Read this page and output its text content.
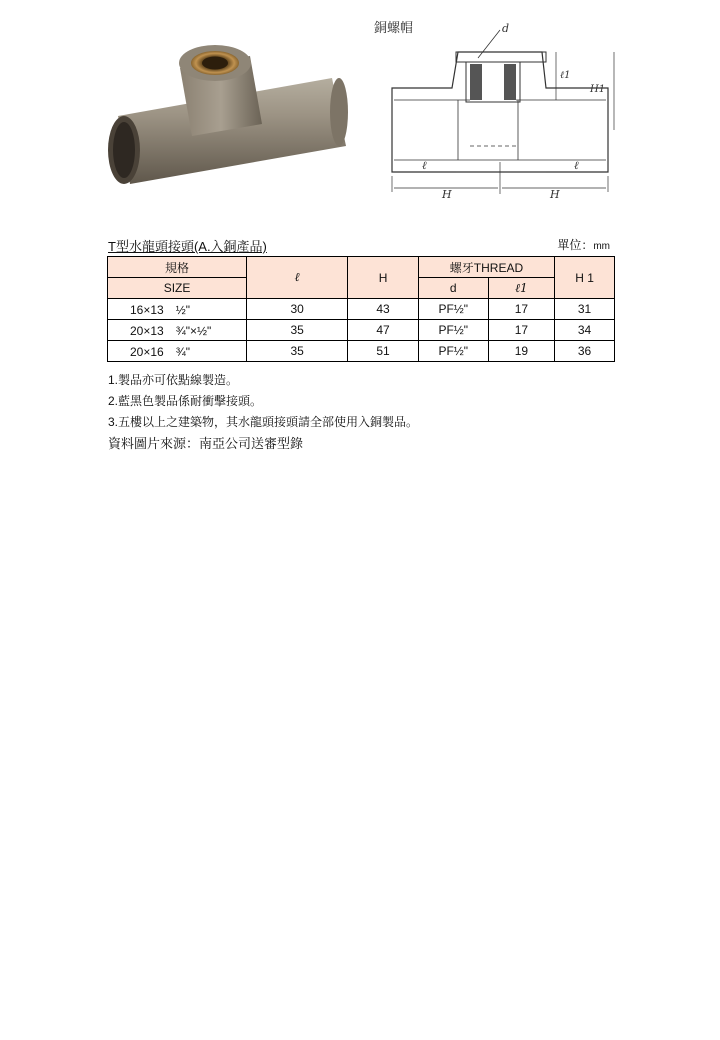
銅螺帽	d
ℓ
H	H
ℓ
ℓ1
H1
T型水龍頭接頭(A.入銅產品)	單位：mm
規格	ℓ	H	螺牙THREAD		H 1
SIZE			d	ℓ1	
16×13　½"	30	43	PF½"	17	31
20×13　¾"×½"	35	47	PF½"	17	34
20×16　¾"	35	51	PF½"	19	36
1.製品亦可依點線製造。
2.藍黑色製品係耐衝擊接頭。
3.五樓以上之建築物，其水龍頭接頭請全部使用入銅製品。
資料圖片來源：南亞公司送審型錄
